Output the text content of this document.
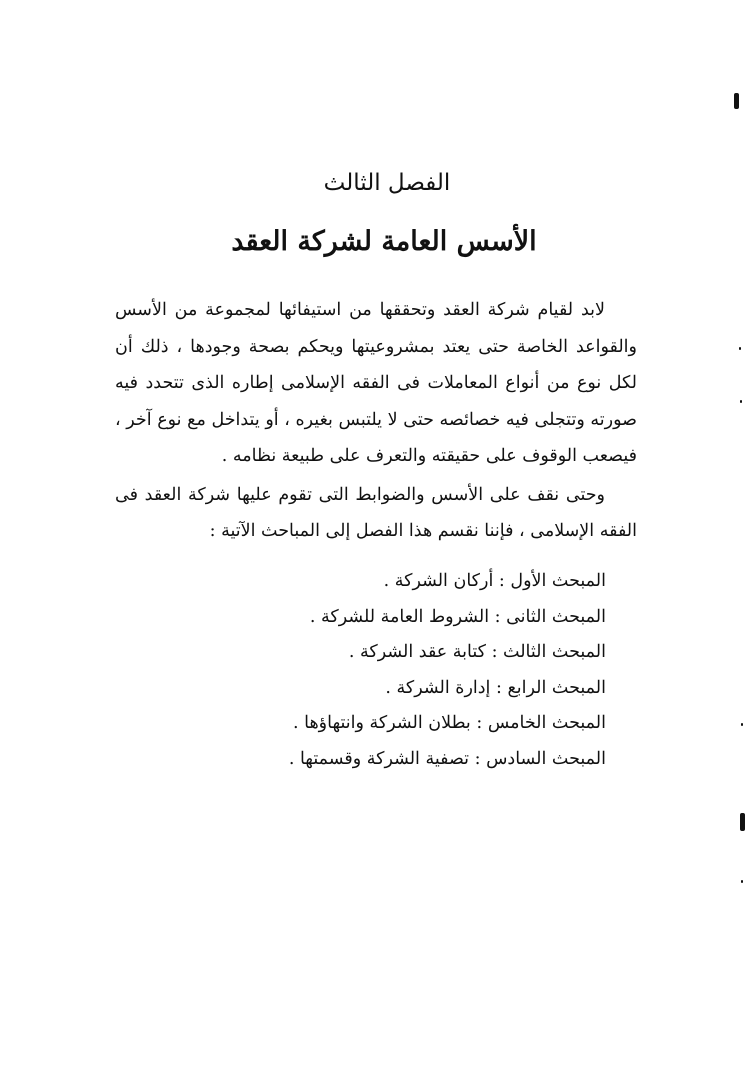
الفصل الثالث
الأسس العامة لشركة العقد

لابد لقيام شركة العقد وتحققها من استيفائها لمجموعة من الأسس والقواعد الخاصة حتى يعتد بمشروعيتها ويحكم بصحة وجودها ، ذلك أن لكل نوع من أنواع المعاملات فى الفقه الإسلامى إطاره الذى تتحدد فيه صورته وتتجلى فيه خصائصه حتى لا يلتبس بغيره ، أو يتداخل مع نوع آخر ، فيصعب الوقوف على حقيقته والتعرف على طبيعة نظامه .

وحتى نقف على الأسس والضوابط التى تقوم عليها شركة العقد فى الفقه الإسلامى ، فإننا نقسم هذا الفصل إلى المباحث الآتية :

المبحث الأول :أركان الشركة .
المبحث الثانى :الشروط العامة للشركة .
المبحث الثالث :كتابة عقد الشركة .
المبحث الرابع :إدارة الشركة .
المبحث الخامس :بطلان الشركة وانتهاؤها .
المبحث السادس :تصفية الشركة وقسمتها .
